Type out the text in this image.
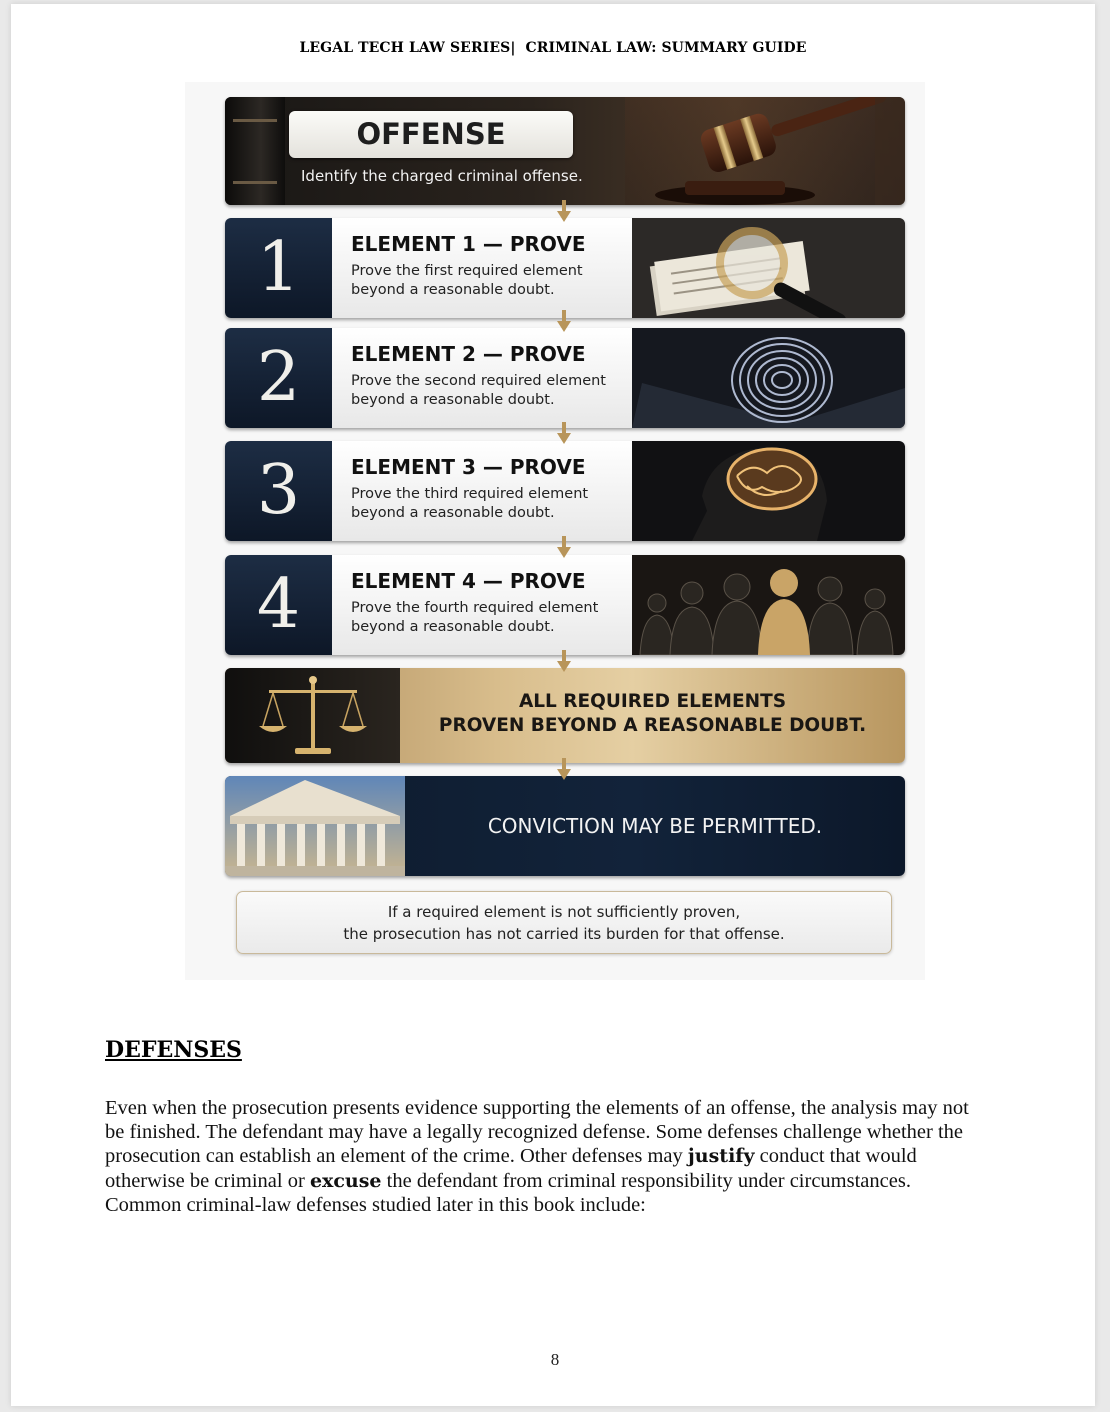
LEGAL TECH LAW SERIES| CRIMINAL LAW: SUMMARY GUIDE
OFFENSE
Identify the charged criminal offense.
1	ELEMENT 1 — PROVE
Prove the first required element
beyond a reasonable doubt.
2	ELEMENT 2 — PROVE
Prove the second required element
beyond a reasonable doubt.
3	ELEMENT 3 — PROVE
Prove the third required element
beyond a reasonable doubt.
4	ELEMENT 4 — PROVE
Prove the fourth required element
beyond a reasonable doubt.
ALL REQUIRED ELEMENTS
PROVEN BEYOND A REASONABLE DOUBT.
CONVICTION MAY BE PERMITTED.
If a required element is not sufficiently proven,
the prosecution has not carried its burden for that offense.
DEFENSES
Even when the prosecution presents evidence supporting the elements of an offense, the analysis may not be finished. The defendant may have a legally recognized defense. Some defenses challenge whether the prosecution can establish an element of the crime. Other defenses may justify conduct that would otherwise be criminal or excuse the defendant from criminal responsibility under circumstances. Common criminal-law defenses studied later in this book include:
8
